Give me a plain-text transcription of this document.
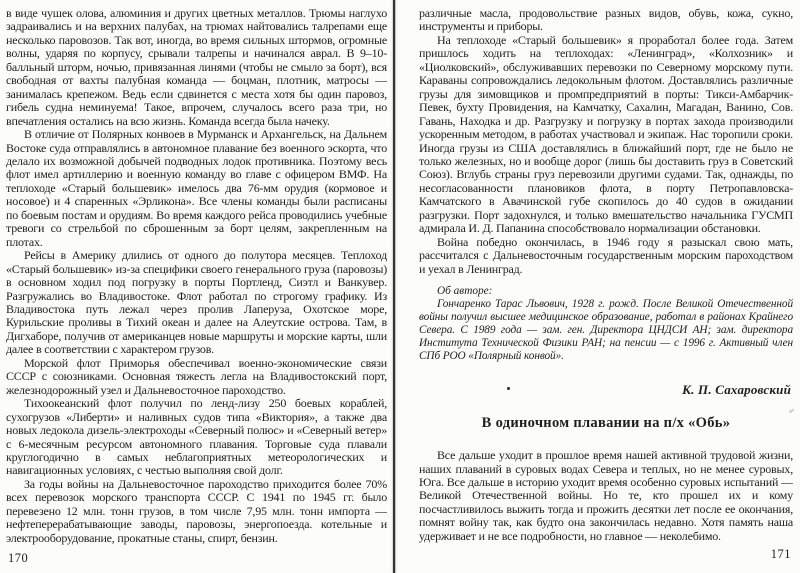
в виде чушек олова, алюминия и других цветных металлов. Трюмы наглухо задраивались и на верхних палубах, на трюмах найтовались талрепами еще несколько паровозов. Так вот, иногда, во время сильных штормов, огромные волны, ударяя по корпусу, срывали талрепы и начинался аврал. В 9–10-балльный шторм, ночью, привязанная линями (чтобы не смыло за борт), вся свободная от вахты палубная команда — боцман, плотник, матросы — занималась крепежом. Ведь если сдвинется с места хотя бы один паровоз, гибель судна неминуема! Такое, впрочем, случалось всего раза три, но впечатления остались на всю жизнь. Команда всегда была начеку.

В отличие от Полярных конвоев в Мурманск и Архангельск, на Дальнем Востоке суда отправлялись в автономное плавание без военного эскорта, что делало их возможной добычей подводных лодок противника. Поэтому весь флот имел артиллерию и военную команду во главе с офицером ВМФ. На теплоходе «Старый большевик» имелось два 76-мм орудия (кормовое и носовое) и 4 спаренных «Эрликона». Все члены команды были расписаны по боевым постам и орудиям. Во время каждого рейса проводились учебные тревоги со стрельбой по сброшенным за борт целям, закрепленным на плотах.

Рейсы в Америку длились от одного до полутора месяцев. Теплоход «Старый большевик» из-за специфики своего генерального груза (паровозы) в основном ходил под погрузку в порты Портленд, Сиэтл и Ванкувер. Разгружались во Владивостоке. Флот работал по строгому графику. Из Владивостока путь лежал через пролив Лаперуза, Охотское море, Курильские проливы в Тихий океан и далее на Алеутские острова. Там, в Дигхаборе, получив от американцев новые маршруты и морские карты, шли далее в соответствии с характером грузов.

Морской флот Приморья обеспечивал военно-экономические связи СССР с союзниками. Основная тяжесть легла на Владивостокский порт, железнодорожный узел и Дальневосточное пароходство.

Тихоокеанский флот получил по ленд-лизу 250 боевых кораблей, сухогрузов «Либерти» и наливных судов типа «Виктория», а также два новых ледокола дизель-электроходы «Северный полюс» и «Северный ветер» с 6-месячным ресурсом автономного плавания. Торговые суда плавали круглогодично в самых неблагоприятных метеорологических и навигационных условиях, с честью выполняя свой долг.

За годы войны на Дальневосточное пароходство приходится более 70% всех перевозок морского транспорта СССР. С 1941 по 1945 гг. было перевезено 12 млн. тонн грузов, в том числе 7,95 млн. тонн импорта — нефтеперерабатывающие заводы, паровозы, энергопоезда. котельные и электрооборудование, прокатные станы, спирт, бензин.

различные масла, продовольствие разных видов, обувь, кожа, сукно, инструменты и приборы.

На теплоходе «Старый большевик» я проработал более года. Затем пришлось ходить на теплоходах: «Ленинград», «Колхозник» и «Циолковский», обслуживавших перевозки по Северному морскому пути. Караваны сопровождались ледокольным флотом. Доставлялись различные грузы для зимовщиков и промпредприятий в порты: Тикси-Амбарчик-Певек, бухту Провидения, на Камчатку, Сахалин, Магадан, Ванино, Сов. Гавань, Находка и др. Разгрузку и погрузку в портах захода производили ускоренным методом, в работах участвовал и экипаж. Нас торопили сроки. Иногда грузы из США доставлялись в ближайший порт, где не было не только железных, но и вообще дорог (лишь бы доставить груз в Советский Союз). Вглубь страны груз перевозили другими судами. Так, однажды, по несогласованности плановиков флота, в порту Петропавловска-Камчатского в Авачинской губе скопилось до 40 судов в ожидании разгрузки. Порт задохнулся, и только вмешательство начальника ГУСМП адмирала И. Д. Папанина способствовало нормализации обстановки.

Война победно окончилась, в 1946 году я разыскал свою мать, рассчитался с Дальневосточным государственным морским пароходством и уехал в Ленинград.

Об авторе:

Гончаренко Тарас Львович, 1928 г. рожд. После Великой Отечественной войны получил высшее медицинское образование, работал в районах Крайнего Севера. С 1989 года — зам. ген. Директора ЦНДСИ АН; зам. директора Института Технической Физики РАН; на пенсии — с 1996 г. Активный член СПб РОО «Полярный конвой».

К. П. Сахаровский

В одиночном плавании на п/х «Обь»

Все дальше уходит в прошлое время нашей активной трудовой жизни, наших плаваний в суровых водах Севера и теплых, но не менее суровых, Юга. Все дальше в историю уходит время особенно суровых испытаний — Великой Отечественной войны. Но те, кто прошел их и кому посчастливилось выжить тогда и прожить десятки лет после ее окончания, помнят войну так, как будто она закончилась недавно. Хотя память наша удерживает и не все подробности, но главное — неколебимо.

170	171
